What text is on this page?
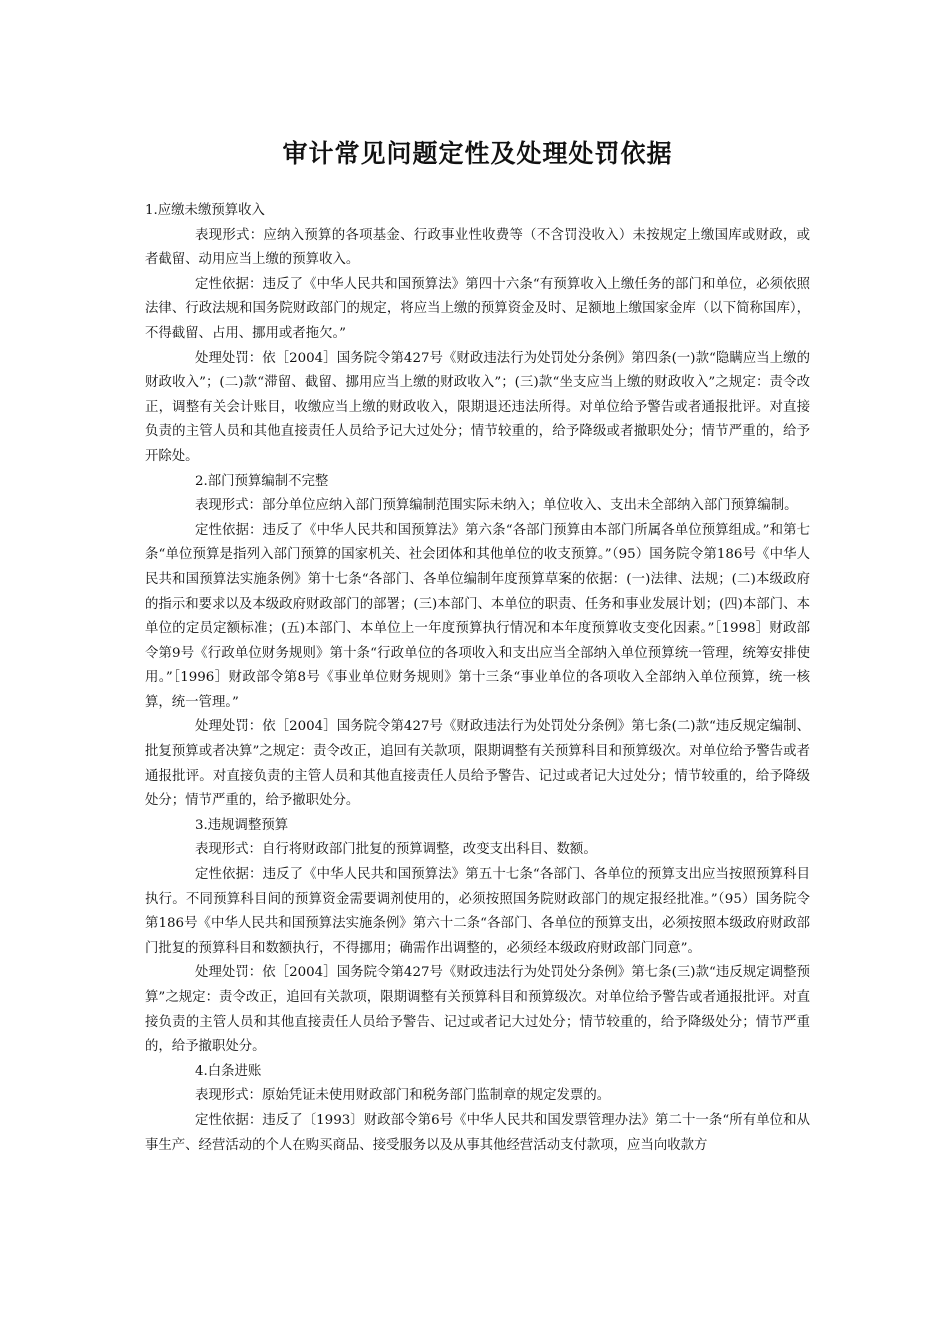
审计常见问题定性及处理处罚依据

1.应缴未缴预算收入

表现形式：应纳入预算的各项基金、行政事业性收费等（不含罚没收入）未按规定上缴国库或财政，或者截留、动用应当上缴的预算收入。

定性依据：违反了《中华人民共和国预算法》第四十六条“有预算收入上缴任务的部门和单位，必须依照法律、行政法规和国务院财政部门的规定，将应当上缴的预算资金及时、足额地上缴国家金库（以下简称国库），不得截留、占用、挪用或者拖欠。”

处理处罚：依［2004］国务院令第427号《财政违法行为处罚处分条例》第四条(一)款“隐瞒应当上缴的财政收入”；(二)款“滞留、截留、挪用应当上缴的财政收入”；(三)款“坐支应当上缴的财政收入”之规定：责令改正，调整有关会计账目，收缴应当上缴的财政收入，限期退还违法所得。对单位给予警告或者通报批评。对直接负责的主管人员和其他直接责任人员给予记大过处分；情节较重的，给予降级或者撤职处分；情节严重的，给予开除处。

2.部门预算编制不完整

表现形式：部分单位应纳入部门预算编制范围实际未纳入；单位收入、支出未全部纳入部门预算编制。

定性依据：违反了《中华人民共和国预算法》第六条“各部门预算由本部门所属各单位预算组成。”和第七条“单位预算是指列入部门预算的国家机关、社会团体和其他单位的收支预算。”（95）国务院令第186号《中华人民共和国预算法实施条例》第十七条“各部门、各单位编制年度预算草案的依据：(一)法律、法规；(二)本级政府的指示和要求以及本级政府财政部门的部署；(三)本部门、本单位的职责、任务和事业发展计划；(四)本部门、本单位的定员定额标准；(五)本部门、本单位上一年度预算执行情况和本年度预算收支变化因素。”［1998］财政部令第9号《行政单位财务规则》第十条“行政单位的各项收入和支出应当全部纳入单位预算统一管理，统筹安排使用。”［1996］财政部令第8号《事业单位财务规则》第十三条“事业单位的各项收入全部纳入单位预算，统一核算，统一管理。”

处理处罚：依［2004］国务院令第427号《财政违法行为处罚处分条例》第七条(二)款“违反规定编制、批复预算或者决算”之规定：责令改正，追回有关款项，限期调整有关预算科目和预算级次。对单位给予警告或者通报批评。对直接负责的主管人员和其他直接责任人员给予警告、记过或者记大过处分；情节较重的，给予降级处分；情节严重的，给予撤职处分。

3.违规调整预算

表现形式：自行将财政部门批复的预算调整，改变支出科目、数额。

定性依据：违反了《中华人民共和国预算法》第五十七条“各部门、各单位的预算支出应当按照预算科目执行。不同预算科目间的预算资金需要调剂使用的，必须按照国务院财政部门的规定报经批准。”（95）国务院令第186号《中华人民共和国预算法实施条例》第六十二条“各部门、各单位的预算支出，必须按照本级政府财政部门批复的预算科目和数额执行，不得挪用；确需作出调整的，必须经本级政府财政部门同意”。

处理处罚：依［2004］国务院令第427号《财政违法行为处罚处分条例》第七条(三)款“违反规定调整预算”之规定：责令改正，追回有关款项，限期调整有关预算科目和预算级次。对单位给予警告或者通报批评。对直接负责的主管人员和其他直接责任人员给予警告、记过或者记大过处分；情节较重的，给予降级处分；情节严重的，给予撤职处分。

4.白条进账

表现形式：原始凭证未使用财政部门和税务部门监制章的规定发票的。

定性依据：违反了〔1993〕财政部令第6号《中华人民共和国发票管理办法》第二十一条“所有单位和从事生产、经营活动的个人在购买商品、接受服务以及从事其他经营活动支付款项，应当向收款方
